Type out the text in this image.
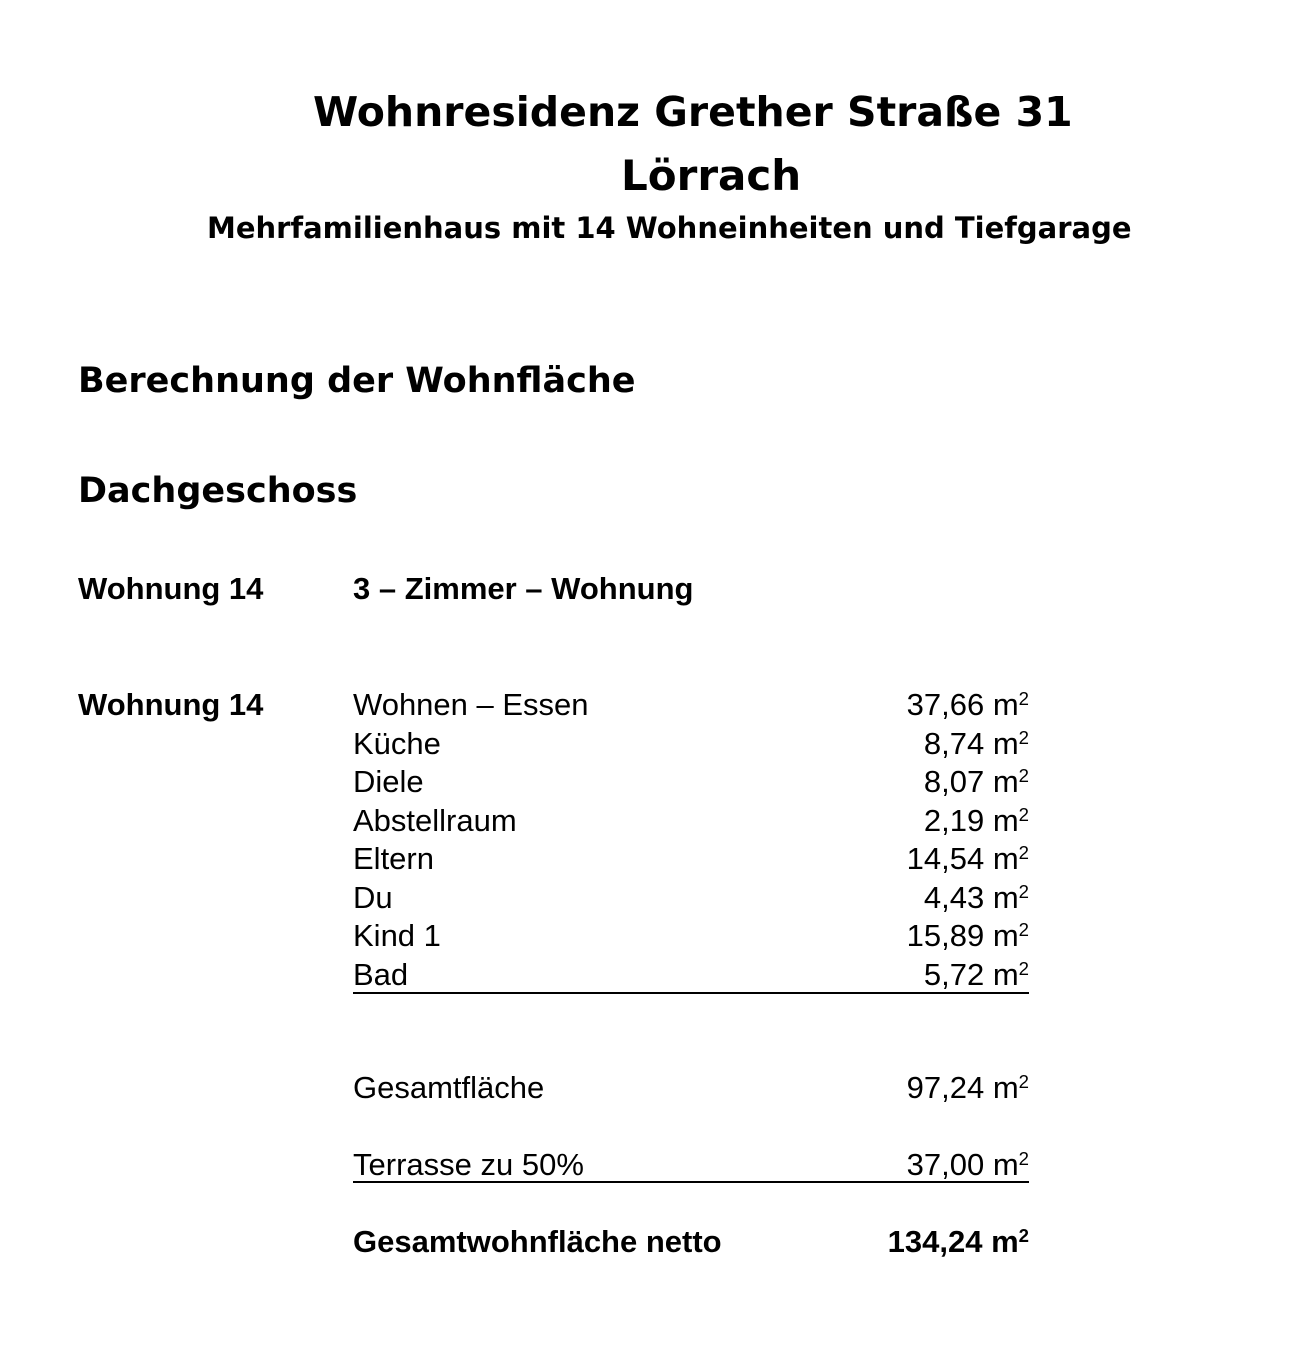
Wohnresidenz Grether Straße 31
Lörrach
Mehrfamilienhaus mit 14 Wohneinheiten und Tiefgarage
Berechnung der Wohnfläche
Dachgeschoss
Wohnung 14	3 – Zimmer – Wohnung
Wohnung 14	Wohnen – Essen	37,66 $m^2$
Küche	8,74 $m^2$
Diele	8,07 $m^2$
Abstellraum	2,19 $m^2$
Eltern	14,54 $m^2$
Du	4,43 $m^2$
Kind 1	15,89 $m^2$
Bad	5,72 $m^2$
Gesamtfläche	97,24 $m^2$
Terrasse zu 50%	37,00 $m^2$
Gesamtwohnfläche netto	134,24 $m^2$
